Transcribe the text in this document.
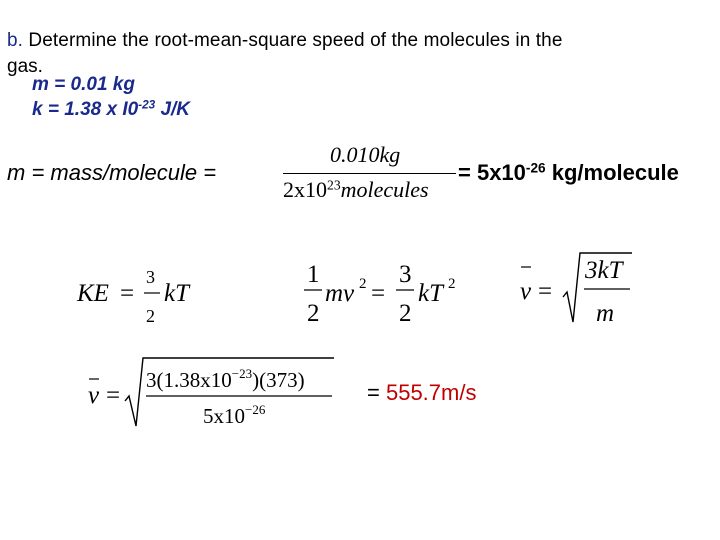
b. Determine the root-mean-square speed of the molecules in the
gas.
m = 0.01 kg
k = 1.38 x $I0^{-23}$ J/K
m = mass/molecule =
0.010kg
$2x10^{23}molecules$
= $5x10^{-26}$ kg/molecule
KE =
3
2
kT
1
2
mv 2 =
3
2
kT 2	v =
3kT
m
v =
$3(1.38x10^{-23})(373)$
$5x10^{-26}$
= 555.7m/s
